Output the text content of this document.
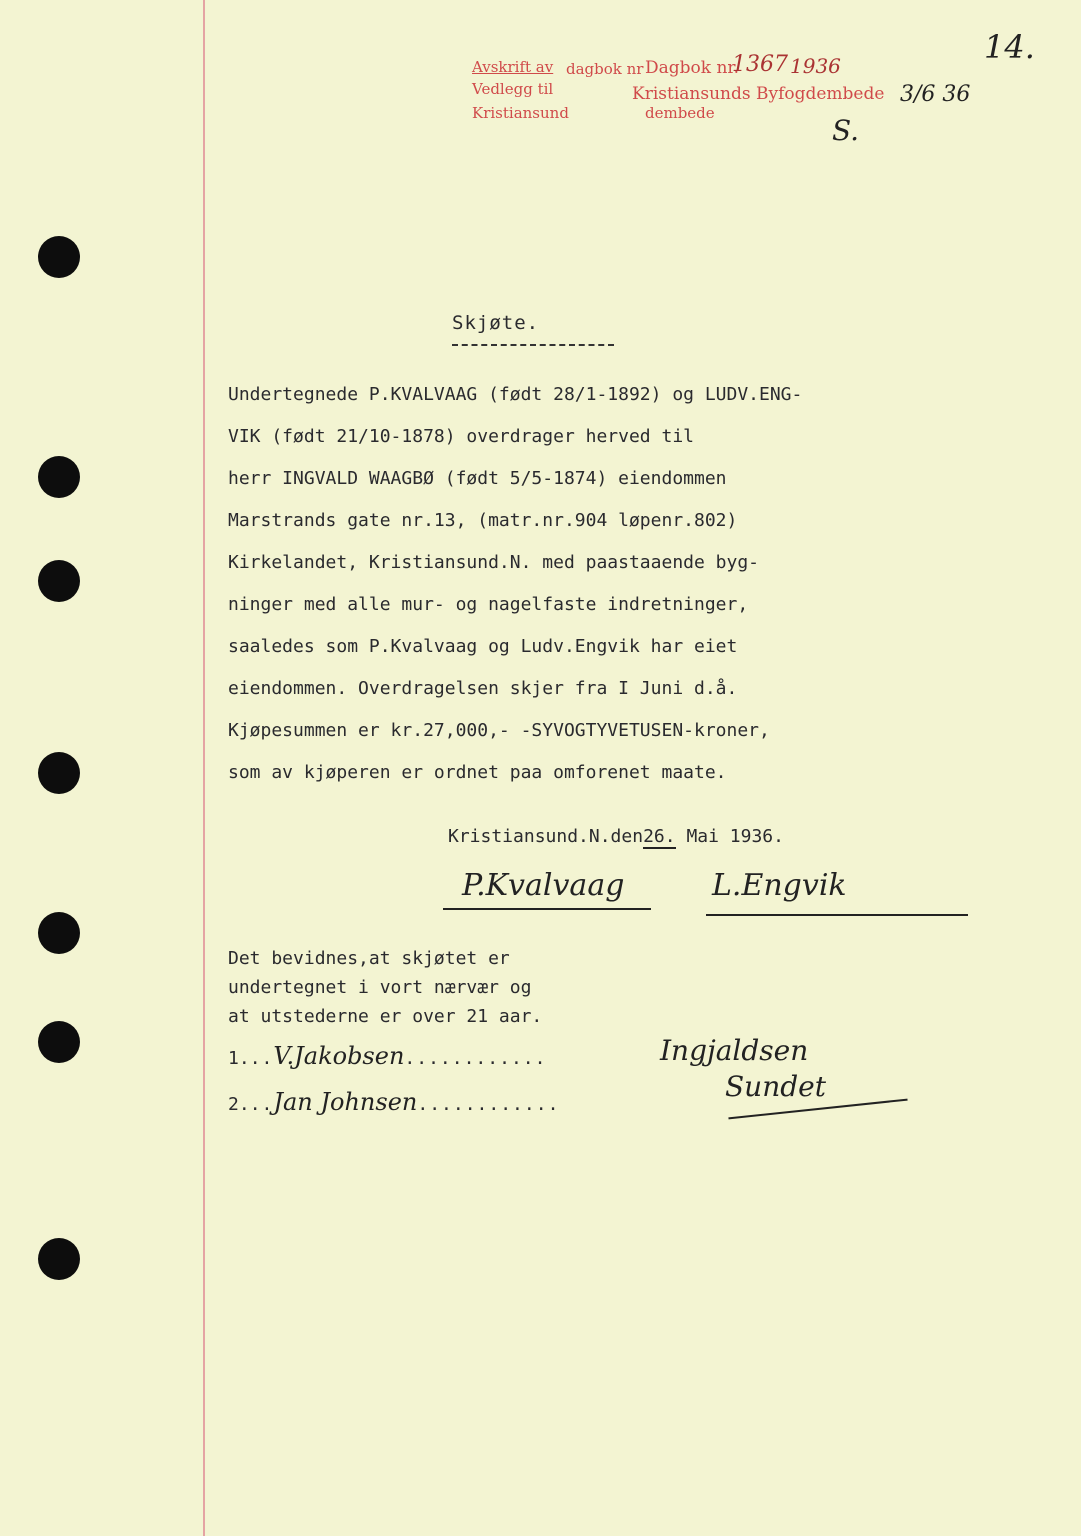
Avskrift av
Vedlegg til
Kristiansund
dagbok nr Dagbok nr.
1367 1936
Kristiansunds Byfogdembede
dembede
3/6 36
S.
14.
Skjøte.
Undertegnede P.KVALVAAG (født 28/1-1892) og LUDV.ENG-
VIK (født 21/10-1878) overdrager herved til
herr INGVALD WAAGBØ (født 5/5-1874) eiendommen
Marstrands gate nr.13, (matr.nr.904 løpenr.802)
Kirkelandet, Kristiansund.N. med paastaaende byg-
ninger med alle mur- og nagelfaste indretninger,
saaledes som P.Kvalvaag og Ludv.Engvik har eiet
eiendommen. Overdragelsen skjer fra I Juni d.å.
Kjøpesummen er kr.27,000,- -SYVOGTYVETUSEN-kroner,
som av kjøperen er ordnet paa omforenet maate.
Kristiansund.N.den26. Mai 1936.
P.Kvalvaag	L.Engvik
Det bevidnes,at skjøtet er
undertegnet i vort nærvær og
at utstederne er over 21 aar.
1...V.Jakobsen............
2...Jan Johnsen............
Ingjaldsen
Sundet
